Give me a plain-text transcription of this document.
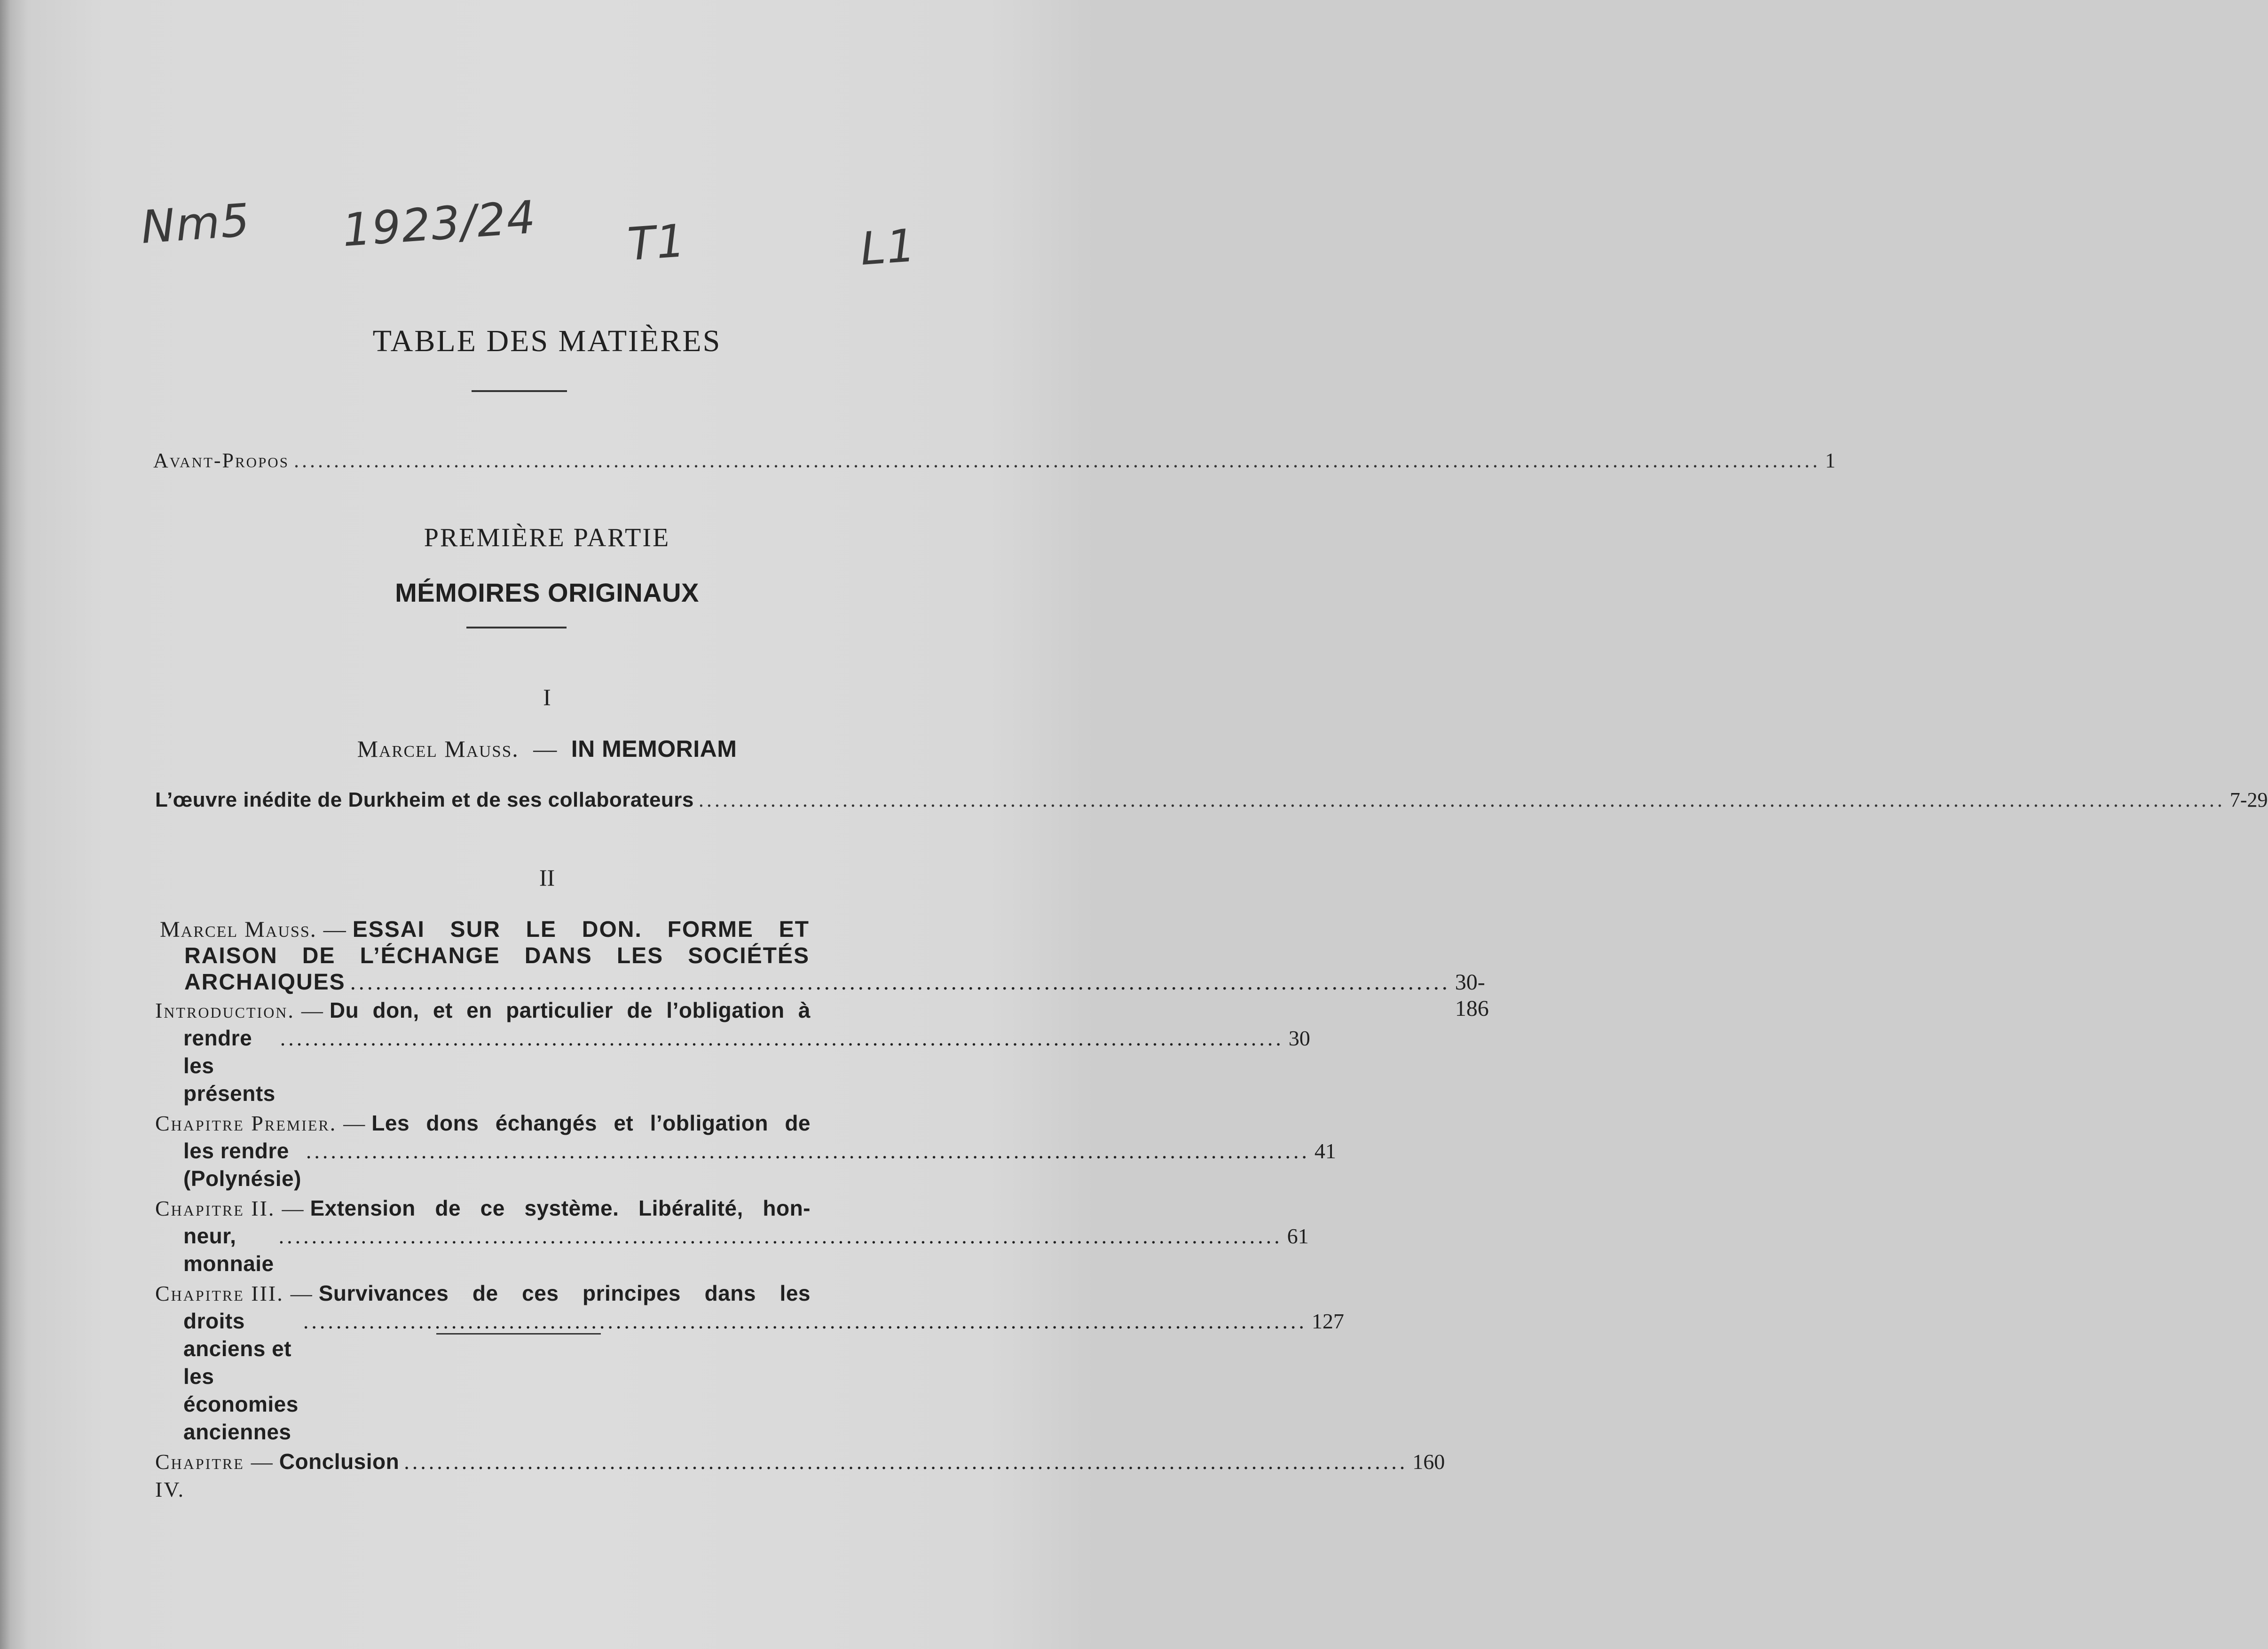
Nm5 1923/24 T1	L1
TABLE DES MATIÈRES
Avant-Propos .....	1
PREMIÈRE PARTIE
MÉMOIRES ORIGINAUX
I
Marcel Mauss. — IN MEMORIAM
L’œuvre inédite de Durkheim et de ses collaborateurs .....	7-29
II
Marcel Mauss. — ESSAI SUR LE DON. FORME ET
RAISON DE L’ÉCHANGE DANS LES SOCIÉTÉS
ARCHAIQUES .................................................................................................................................. 30-186
Introduction. — Du don, et en particulier de l’obligation à
rendre les présents
.......................................................................................................................... 30
Chapitre Premier. — Les dons échangés et l’obligation de
les rendre (Polynésie)
.......................................................................................................................... 41
Chapitre II. — Extension de ce système. Libéralité, hon-
neur, monnaie
.......................................................................................................................... 61
Chapitre III. — Survivances de ces principes dans les
droits anciens et les économies anciennes
.......................................................................................................................... 127
Chapitre IV.
— Conclusion .......................................................................................................................... 160
